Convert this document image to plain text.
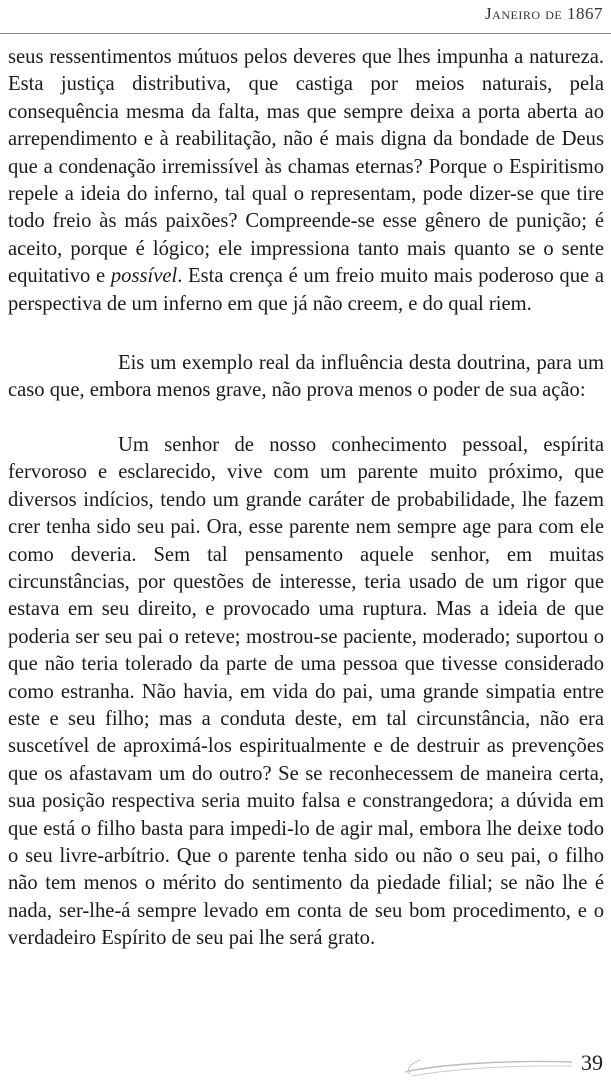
Janeiro de 1867

seus ressentimentos mútuos pelos deveres que lhes impunha a natureza. Esta justiça distributiva, que castiga por meios naturais, pela consequência mesma da falta, mas que sempre deixa a porta aberta ao arrependimento e à reabilitação, não é mais digna da bondade de Deus que a condenação irremissível às chamas eternas? Porque o Espiritismo repele a ideia do inferno, tal qual o representam, pode dizer-se que tire todo freio às más paixões? Compreende-se esse gênero de punição; é aceito, porque é lógico; ele impressiona tanto mais quanto se o sente equitativo e possível. Esta crença é um freio muito mais poderoso que a perspectiva de um inferno em que já não creem, e do qual riem.

Eis um exemplo real da influência desta doutrina, para um caso que, embora menos grave, não prova menos o poder de sua ação:

Um senhor de nosso conhecimento pessoal, espírita fervoroso e esclarecido, vive com um parente muito próximo, que diversos indícios, tendo um grande caráter de probabilidade, lhe fazem crer tenha sido seu pai. Ora, esse parente nem sempre age para com ele como deveria. Sem tal pensamento aquele senhor, em muitas circunstâncias, por questões de interesse, teria usado de um rigor que estava em seu direito, e provocado uma ruptura. Mas a ideia de que poderia ser seu pai o reteve; mostrou-se paciente, moderado; suportou o que não teria tolerado da parte de uma pessoa que tivesse considerado como estranha. Não havia, em vida do pai, uma grande simpatia entre este e seu filho; mas a conduta deste, em tal circunstância, não era suscetível de aproximá-los espiritualmente e de destruir as prevenções que os afastavam um do outro? Se se reconhecessem de maneira certa, sua posição respectiva seria muito falsa e constrangedora; a dúvida em que está o filho basta para impedi-lo de agir mal, embora lhe deixe todo o seu livre-arbítrio. Que o parente tenha sido ou não o seu pai, o filho não tem menos o mérito do sentimento da piedade filial; se não lhe é nada, ser-lhe-á sempre levado em conta de seu bom procedimento, e o verdadeiro Espírito de seu pai lhe será grato.

39
